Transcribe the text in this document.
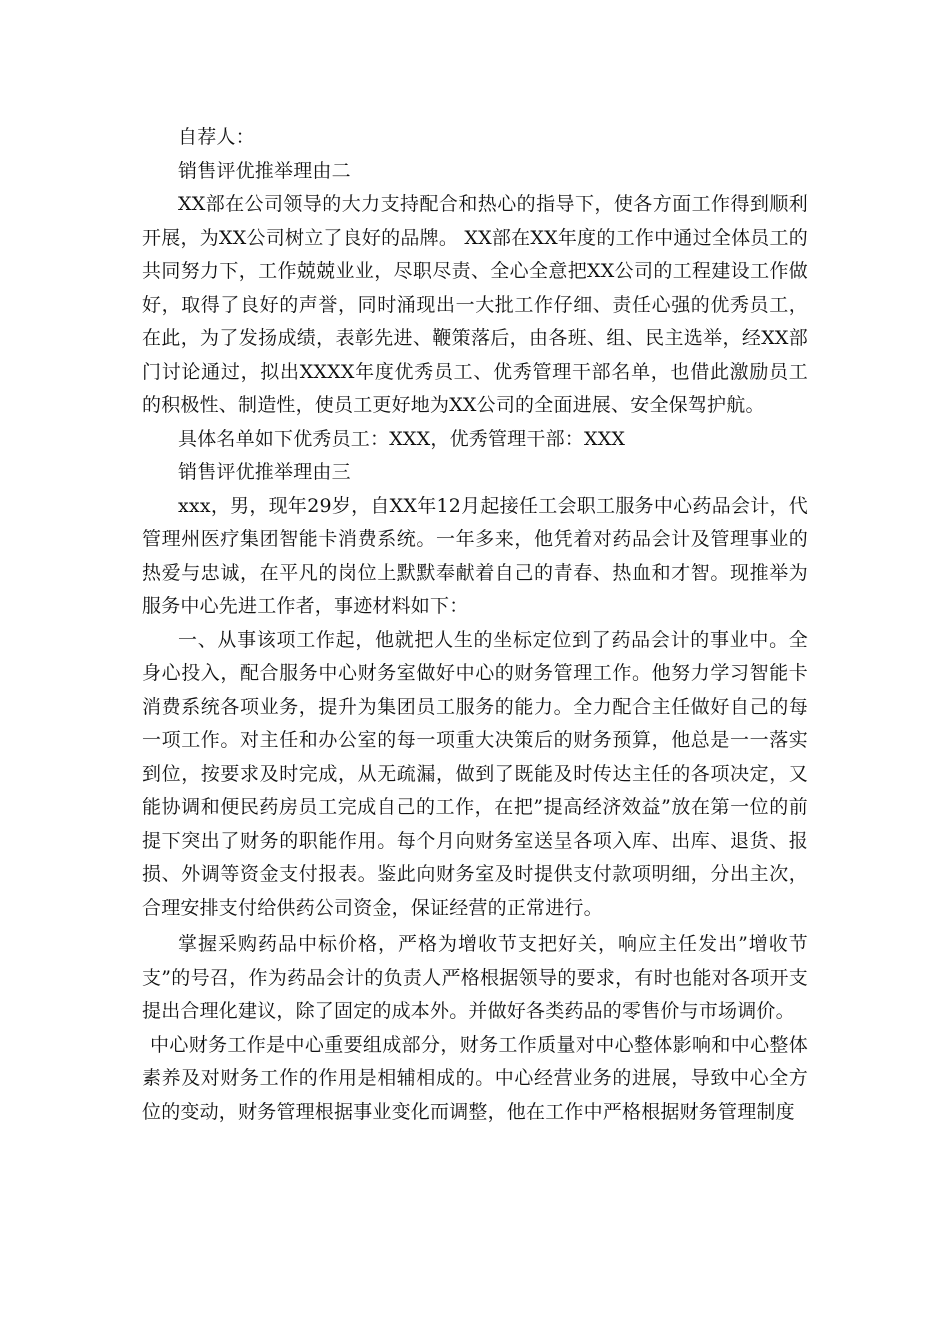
自荐人：

销售评优推举理由二

XX部在公司领导的大力支持配合和热心的指导下，使各方面工作得到顺利开展，为XX公司树立了良好的品牌。 XX部在XX年度的工作中通过全体员工的共同努力下，工作兢兢业业，尽职尽责、全心全意把XX公司的工程建设工作做好，取得了良好的声誉，同时涌现出一大批工作仔细、责任心强的优秀员工，在此，为了发扬成绩，表彰先进、鞭策落后，由各班、组、民主选举，经XX部门讨论通过，拟出XXXX年度优秀员工、优秀管理干部名单，也借此激励员工的积极性、制造性，使员工更好地为XX公司的全面进展、安全保驾护航。

具体名单如下优秀员工：XXX，优秀管理干部：XXX

销售评优推举理由三

xxx，男，现年29岁，自XX年12月起接任工会职工服务中心药品会计，代管理州医疗集团智能卡消费系统。一年多来，他凭着对药品会计及管理事业的热爱与忠诚，在平凡的岗位上默默奉献着自己的青春、热血和才智。现推举为服务中心先进工作者，事迹材料如下：

一、从事该项工作起，他就把人生的坐标定位到了药品会计的事业中。全身心投入，配合服务中心财务室做好中心的财务管理工作。他努力学习智能卡消费系统各项业务，提升为集团员工服务的能力。全力配合主任做好自己的每一项工作。对主任和办公室的每一项重大决策后的财务预算，他总是一一落实到位，按要求及时完成，从无疏漏，做到了既能及时传达主任的各项决定，又能协调和便民药房员工完成自己的工作，在把”提高经济效益”放在第一位的前提下突出了财务的职能作用。每个月向财务室送呈各项入库、出库、退货、报损、外调等资金支付报表。鉴此向财务室及时提供支付款项明细，分出主次，合理安排支付给供药公司资金，保证经营的正常进行。

掌握采购药品中标价格，严格为增收节支把好关，响应主任发出”增收节支”的号召，作为药品会计的负责人严格根据领导的要求，有时也能对各项开支提出合理化建议，除了固定的成本外。并做好各类药品的零售价与市场调价。

中心财务工作是中心重要组成部分，财务工作质量对中心整体影响和中心整体素养及对财务工作的作用是相辅相成的。中心经营业务的进展，导致中心全方位的变动，财务管理根据事业变化而调整，他在工作中严格根据财务管理制度
